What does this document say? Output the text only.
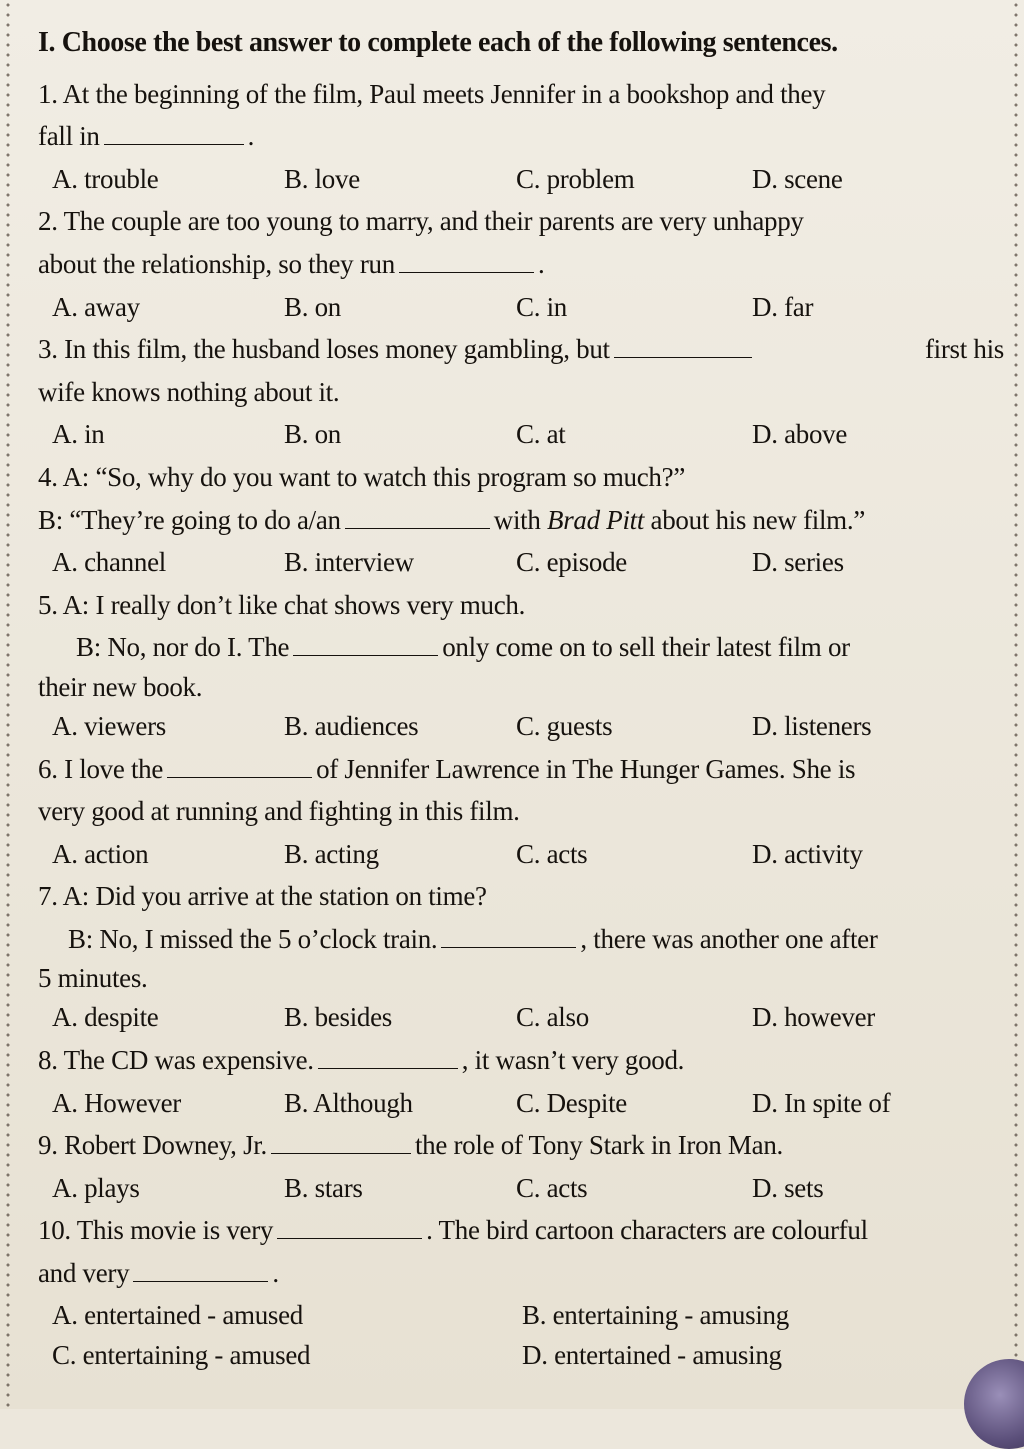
I. Choose the best answer to complete each of the following sentences.
1. At the beginning of the film, Paul meets Jennifer in a bookshop and they
fall in	.
A. trouble	B. love	C. problem	D. scene
2. The couple are too young to marry, and their parents are very unhappy
about the relationship, so they run	.
A. away	B. on	C. in	D. far
3. In this film, the husband loses money gambling, but	first his
wife knows nothing about it.
A. in	B. on	C. at	D. above
4. A: “So, why do you want to watch this program so much?”
B: “They’re going to do a/an	with Brad Pitt about his new film.”
A. channel	B. interview	C. episode	D. series
5. A: I really don’t like chat shows very much.
B: No, nor do I. The	only come on to sell their latest film or
their new book.
A. viewers	B. audiences	C. guests	D. listeners
6. I love the	of Jennifer Lawrence in The Hunger Games. She is
very good at running and fighting in this film.
A. action	B. acting	C. acts	D. activity
7. A: Did you arrive at the station on time?
B: No, I missed the 5 o’clock train.	, there was another one after
5 minutes.
A. despite	B. besides	C. also	D. however
8. The CD was expensive.	, it wasn’t very good.
A. However	B. Although	C. Despite	D. In spite of
9. Robert Downey, Jr.	the role of Tony Stark in Iron Man.
A. plays	B. stars	C. acts	D. sets
10. This movie is very	. The bird cartoon characters are colourful
and very	.
A. entertained - amused	B. entertaining - amusing
C. entertaining - amused	D. entertained - amusing
